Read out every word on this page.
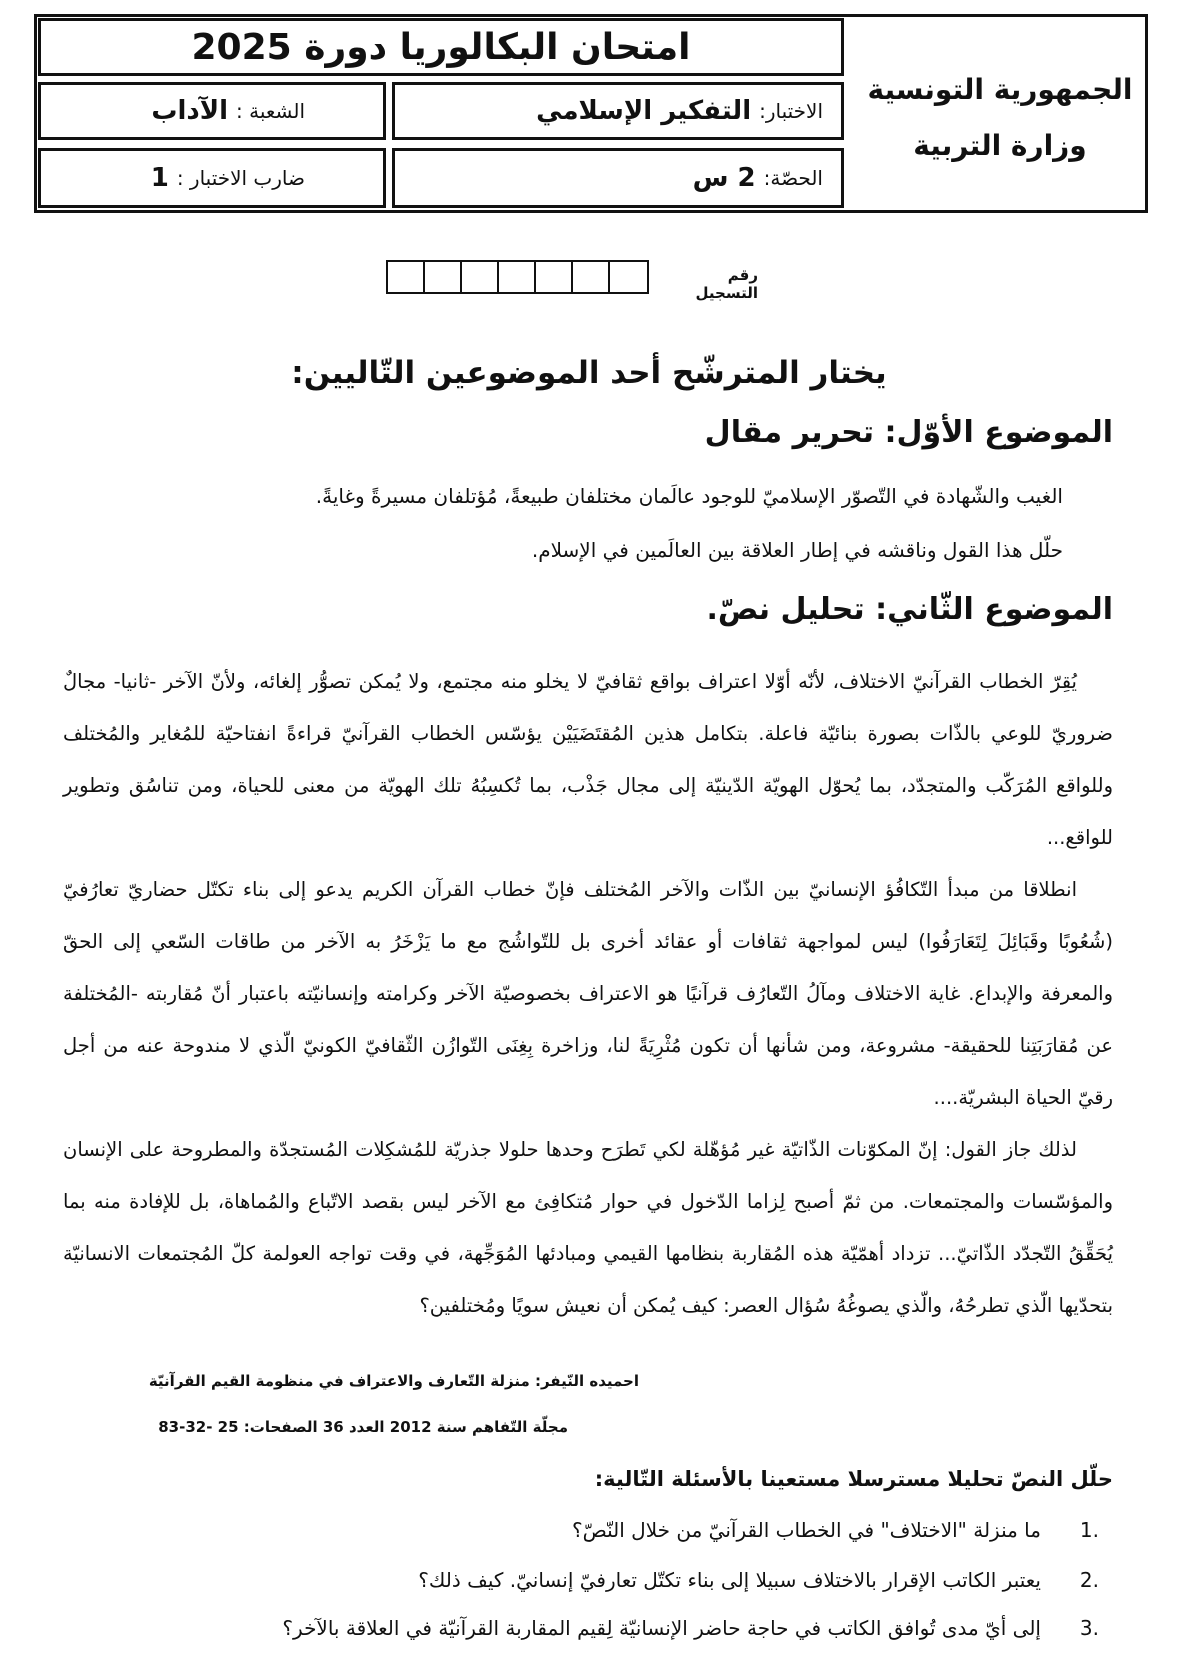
امتحان البكالوريا دورة 2025
الاختبار:
التفكير الإسلامي
الشعبة :
الآداب
الحصّة:
2 س
ضارب الاختبار :
1
الجمهورية التونسية
وزارة التربية
رقم التسجيل
يختار المترشّح أحد الموضوعين التّاليين:
الموضوع الأوّل: تحرير مقال
الغيب والشّهادة في التّصوّر الإسلاميّ للوجود عالَمان مختلفان طبيعةً، مُؤتلفان مسيرةً وغايةً.
حلّل هذا القول وناقشه في إطار العلاقة بين العالَمين في الإسلام.
الموضوع الثّاني: تحليل نصّ.

يُقِرّ الخطاب القرآنيّ الاختلاف، لأنّه أوّلا اعتراف بواقع ثقافيّ لا يخلو منه مجتمع، ولا يُمكن تصوُّر إلغائه، ولأنّ الآخر -ثانيا- مجالٌ ضروريّ للوعي بالذّات بصورة بنائيّة فاعلة. بتكامل هذين المُقتَضَيَيْن يؤسّس الخطاب القرآنيّ قراءةً انفتاحيّة للمُغاير والمُختلف وللواقع المُرَكّب والمتجدّد، بما يُحوّل الهويّة الدّينيّة إلى مجال جَذْب، بما تُكسِبُهُ تلك الهويّة من معنى للحياة، ومن تناسُق وتطوير للواقع...

انطلاقا من مبدأ التّكافُؤ الإنسانيّ بين الذّات والآخر المُختلف فإنّ خطاب القرآن الكريم يدعو إلى بناء تكتّل حضاريّ تعارُفيّ (شُعُوبًا وقَبَائِلَ لِتَعَارَفُوا) ليس لمواجهة ثقافات أو عقائد أخرى بل للتّواشُج مع ما يَزْخَرُ به الآخر من طاقات السّعي إلى الحقّ والمعرفة والإبداع. غاية الاختلاف ومآلُ التّعارُف قرآنيًا هو الاعتراف بخصوصيّة الآخر وكرامته وإنسانيّته باعتبار أنّ مُقاربته -المُختلفة عن مُقارَبَتِنا للحقيقة- مشروعة، ومن شأنها أن تكون مُثْرِيَةً لنا، وزاخرة بِغِنَى التّوازُن الثّقافيّ الكونيّ الّذي لا مندوحة عنه من أجل رقيّ الحياة البشريّة....

لذلك جاز القول: إنّ المكوّنات الذّاتيّة غير مُؤهّلة لكي تَطرَح وحدها حلولا جذريّة للمُشكِلات المُستجدّة والمطروحة على الإنسان والمؤسّسات والمجتمعات. من ثمّ أصبح لِزاما الدّخول في حوار مُتكافِئ مع الآخر ليس بقصد الاتّباع والمُماهاة، بل للإفادة منه بما يُحَقِّقُ التّجدّد الذّاتيّ... تزداد أهمّيّة هذه المُقاربة بنظامها القيمي ومبادئها المُوَجِّهة، في وقت تواجه العولمة كلّ المُجتمعات الانسانيّة بتحدّيها الّذي تطرحُهُ، والّذي يصوغُهُ سُؤال العصر: كيف يُمكن أن نعيش سويًا ومُختلفين؟

احميده النّيفر: منزلة التّعارف والاعتراف في منظومة القيم القرآنيّة
مجلّة التّفاهم سنة 2012 العدد 36 الصفحات: 25 -32-83
حلّل النصّ تحليلا مسترسلا مستعينا بالأسئلة التّالية:
1.
ما منزلة "الاختلاف" في الخطاب القرآنيّ من خلال النّصّ؟
2.
يعتبر الكاتب الإقرار بالاختلاف سبيلا إلى بناء تكتّل تعارفيّ إنسانيّ. كيف ذلك؟
3.
إلى أيّ مدى تُوافق الكاتب في حاجة حاضر الإنسانيّة لِقيم المقاربة القرآنيّة في العلاقة بالآخر؟
